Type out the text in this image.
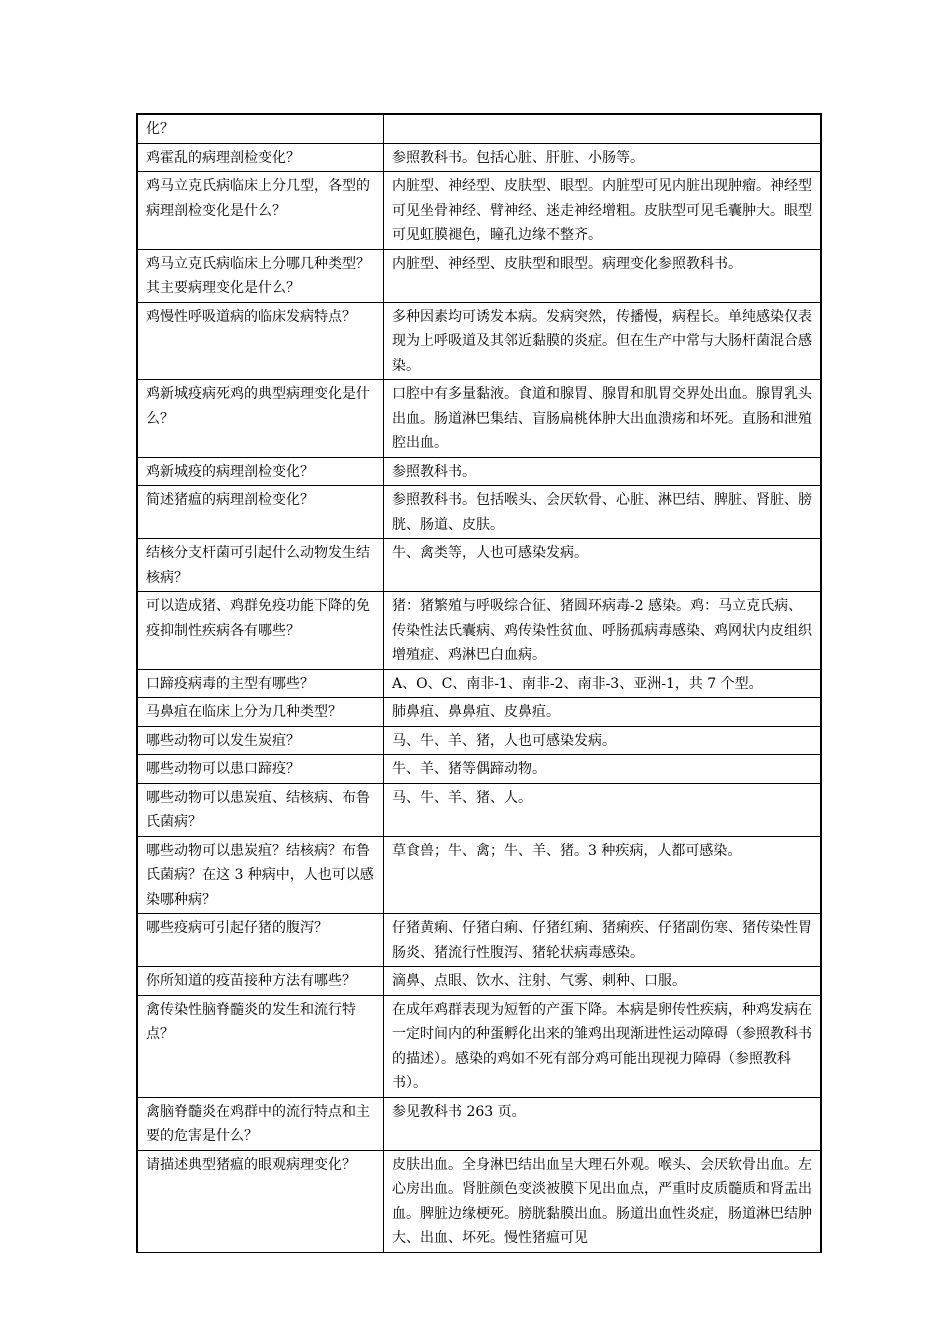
化？	
鸡霍乱的病理剖检变化？	参照教科书。包括心脏、肝脏、小肠等。
鸡马立克氏病临床上分几型，各型的病理剖检变化是什么？	内脏型、神经型、皮肤型、眼型。内脏型可见内脏出现肿瘤。神经型可见坐骨神经、臂神经、迷走神经增粗。皮肤型可见毛囊肿大。眼型可见虹膜褪色，瞳孔边缘不整齐。
鸡马立克氏病临床上分哪几种类型？其主要病理变化是什么？	内脏型、神经型、皮肤型和眼型。病理变化参照教科书。
鸡慢性呼吸道病的临床发病特点？	多种因素均可诱发本病。发病突然，传播慢，病程长。单纯感染仅表现为上呼吸道及其邻近黏膜的炎症。但在生产中常与大肠杆菌混合感染。
鸡新城疫病死鸡的典型病理变化是什么？	口腔中有多量黏液。食道和腺胃、腺胃和肌胃交界处出血。腺胃乳头出血。肠道淋巴集结、盲肠扁桃体肿大出血溃疡和坏死。直肠和泄殖腔出血。
鸡新城疫的病理剖检变化？	参照教科书。
简述猪瘟的病理剖检变化？	参照教科书。包括喉头、会厌软骨、心脏、淋巴结、脾脏、肾脏、膀胱、肠道、皮肤。
结核分支杆菌可引起什么动物发生结核病？	牛、禽类等，人也可感染发病。
可以造成猪、鸡群免疫功能下降的免疫抑制性疾病各有哪些？	猪：猪繁殖与呼吸综合征、猪圆环病毒-2 感染。鸡：马立克氏病、传染性法氏囊病、鸡传染性贫血、呼肠孤病毒感染、鸡网状内皮组织增殖症、鸡淋巴白血病。
口蹄疫病毒的主型有哪些？	A、O、C、南非-1、南非-2、南非-3、亚洲-1，共 7 个型。
马鼻疽在临床上分为几种类型？	肺鼻疽、鼻鼻疽、皮鼻疽。
哪些动物可以发生炭疽？	马、牛、羊、猪，人也可感染发病。
哪些动物可以患口蹄疫？	牛、羊、猪等偶蹄动物。
哪些动物可以患炭疽、结核病、布鲁氏菌病？	马、牛、羊、猪、人。
哪些动物可以患炭疽？结核病？布鲁氏菌病？在这 3 种病中，人也可以感染哪种病？	草食兽；牛、禽；牛、羊、猪。3 种疾病，人都可感染。
哪些疫病可引起仔猪的腹泻？	仔猪黄痢、仔猪白痢、仔猪红痢、猪痢疾、仔猪副伤寒、猪传染性胃肠炎、猪流行性腹泻、猪轮状病毒感染。
你所知道的疫苗接种方法有哪些？	滴鼻、点眼、饮水、注射、气雾、刺种、口服。
禽传染性脑脊髓炎的发生和流行特点？	在成年鸡群表现为短暂的产蛋下降。本病是卵传性疾病，种鸡发病在一定时间内的种蛋孵化出来的雏鸡出现渐进性运动障碍（参照教科书的描述）。感染的鸡如不死有部分鸡可能出现视力障碍（参照教科书）。
禽脑脊髓炎在鸡群中的流行特点和主要的危害是什么？	参见教科书 263 页。
请描述典型猪瘟的眼观病理变化？	皮肤出血。全身淋巴结出血呈大理石外观。喉头、会厌软骨出血。左心房出血。肾脏颜色变淡被膜下见出血点，严重时皮质髓质和肾盂出血。脾脏边缘梗死。膀胱黏膜出血。肠道出血性炎症，肠道淋巴结肿大、出血、坏死。慢性猪瘟可见
